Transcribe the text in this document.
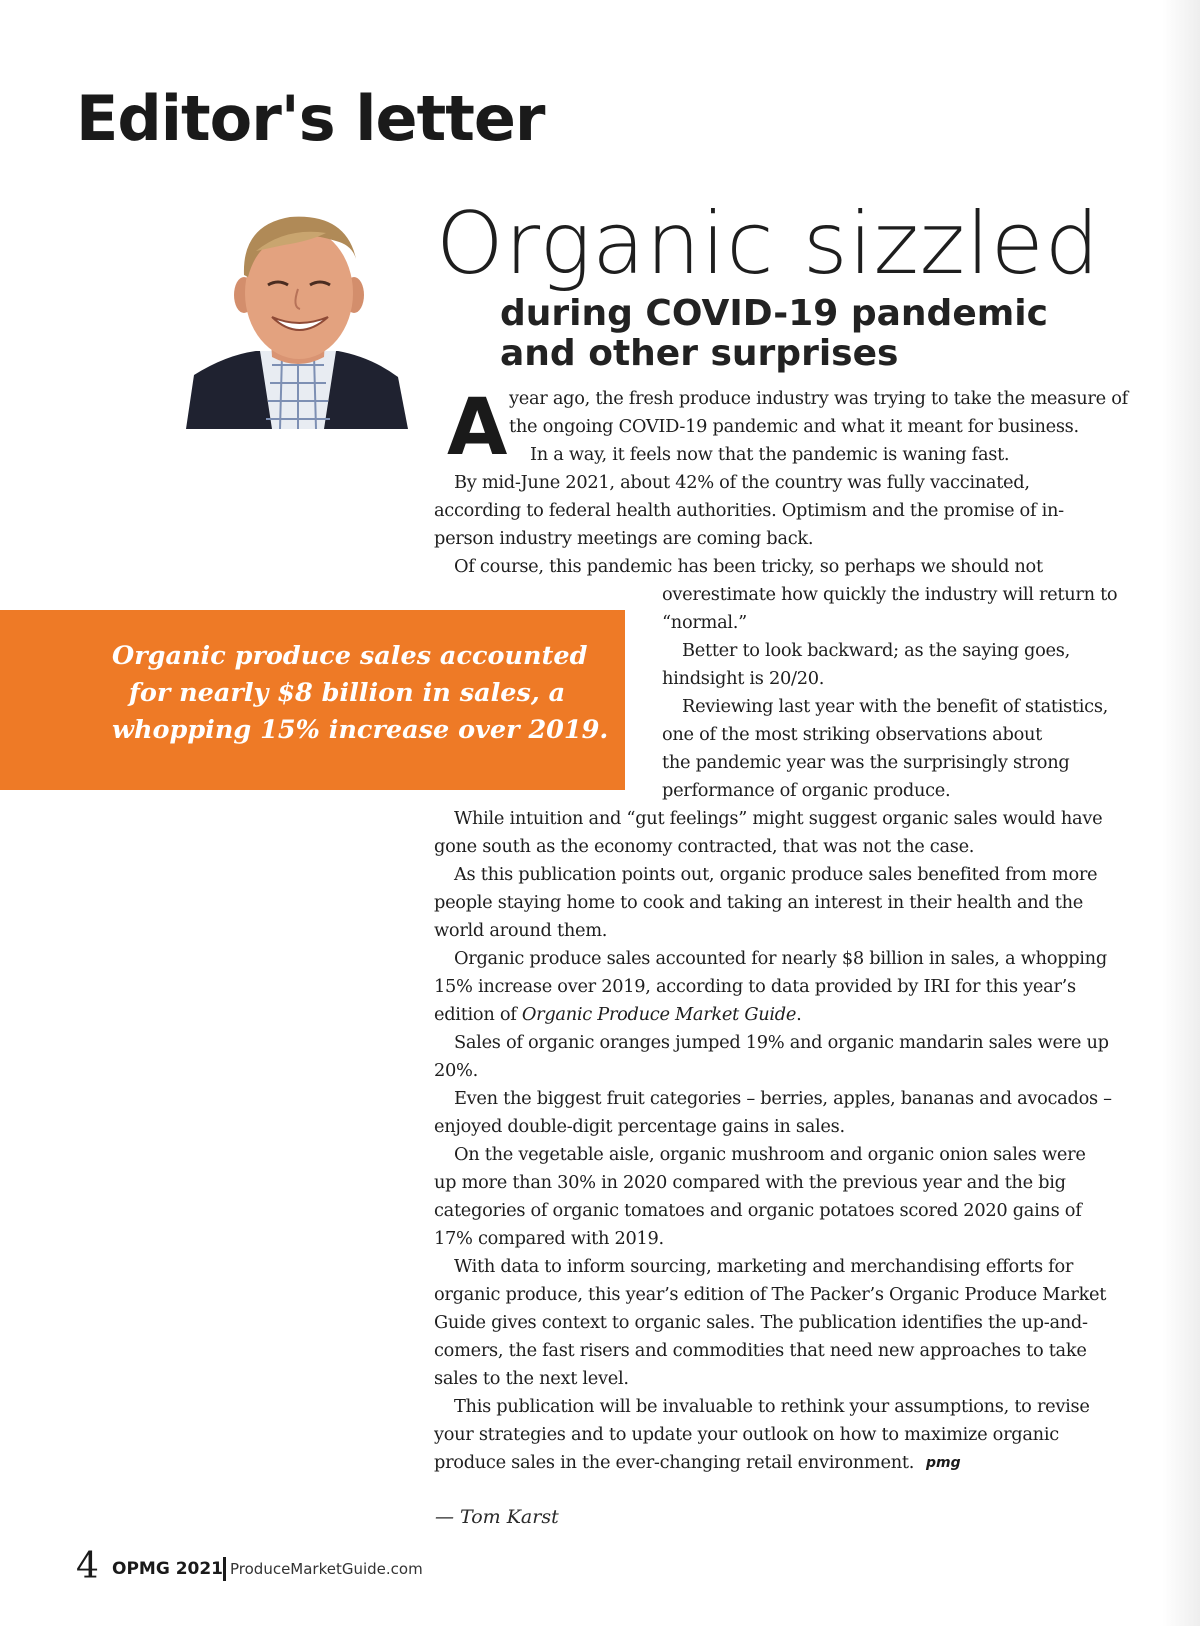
Editor's letter
Organic sizzled
during COVID-19 pandemic
and other surprises
A year ago, the fresh produce industry was trying to take the measure of
the ongoing COVID-19 pandemic and what it meant for business.
In a way, it feels now that the pandemic is waning fast.
By mid-June 2021, about 42% of the country was fully vaccinated,
according to federal health authorities. Optimism and the promise of in-
person industry meetings are coming back.
Of course, this pandemic has been tricky, so perhaps we should not
overestimate how quickly the industry will return to
“normal.”
Better to look backward; as the saying goes,
hindsight is 20/20.
Reviewing last year with the benefit of statistics,
one of the most striking observations about
the pandemic year was the surprisingly strong
performance of organic produce.
While intuition and “gut feelings” might suggest organic sales would have
gone south as the economy contracted, that was not the case.
As this publication points out, organic produce sales benefited from more
people staying home to cook and taking an interest in their health and the
world around them.
Organic produce sales accounted for nearly $8 billion in sales, a whopping
15% increase over 2019, according to data provided by IRI for this year’s
edition of Organic Produce Market Guide.
Sales of organic oranges jumped 19% and organic mandarin sales were up
20%.
Even the biggest fruit categories – berries, apples, bananas and avocados –
enjoyed double-digit percentage gains in sales.
On the vegetable aisle, organic mushroom and organic onion sales were
up more than 30% in 2020 compared with the previous year and the big
categories of organic tomatoes and organic potatoes scored 2020 gains of
17% compared with 2019.
With data to inform sourcing, marketing and merchandising efforts for
organic produce, this year’s edition of The Packer’s Organic Produce Market
Guide gives context to organic sales. The publication identifies the up-and-
comers, the fast risers and commodities that need new approaches to take
sales to the next level.
This publication will be invaluable to rethink your assumptions, to revise
your strategies and to update your outlook on how to maximize organic
produce sales in the ever-changing retail environment. pmg
Organic produce sales accounted
for nearly $8 billion in sales, a
whopping 15% increase over 2019.
— Tom Karst
4 OPMG 2021 ProduceMarketGuide.com
